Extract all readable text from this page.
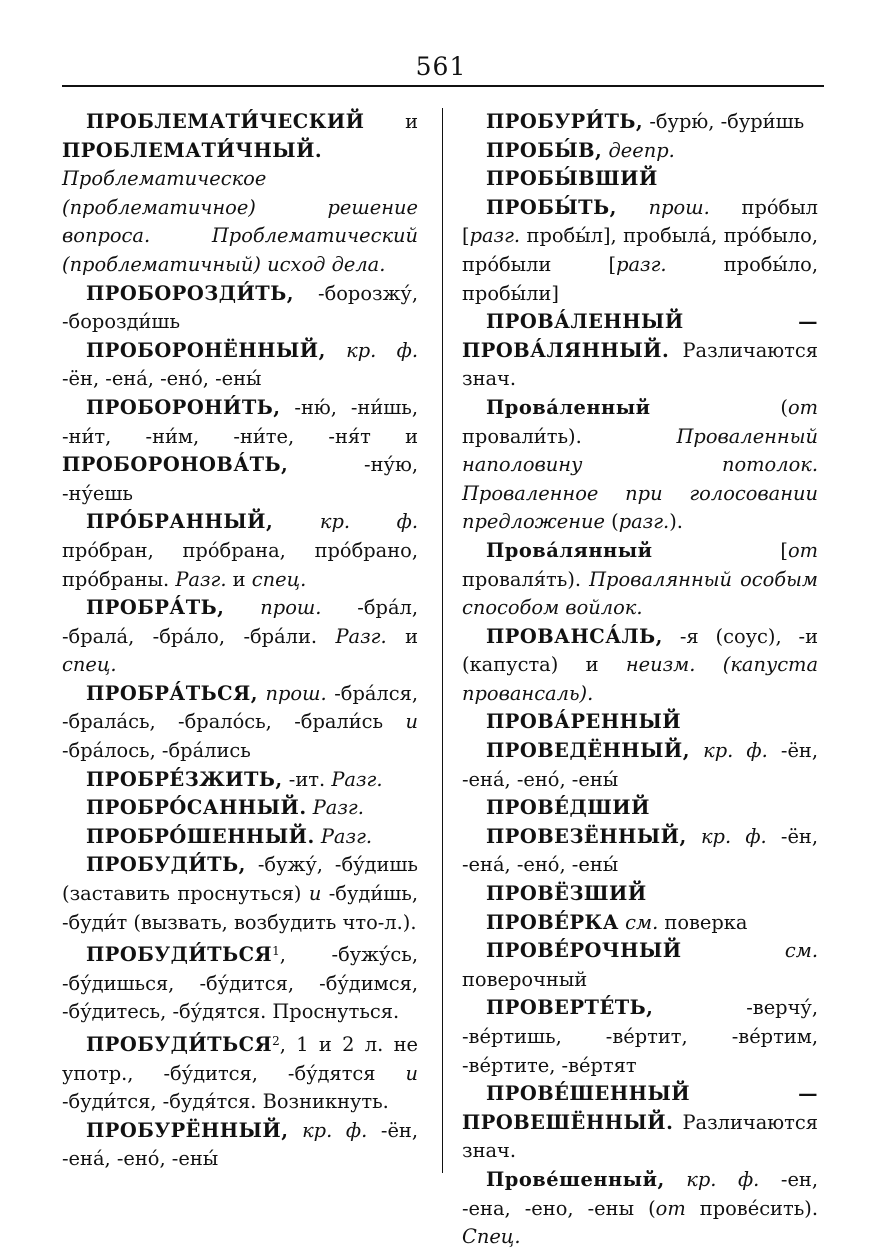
561

ПРОБЛЕМАТИ́ЧЕСКИЙ и ПРОБЛЕМАТИ́ЧНЫЙ. Проблематическое (проблематичное) решение вопроса. Проблематический (проблематичный) исход дела.

ПРОБОРОЗДИ́ТЬ, -борозжу́, -борозди́шь

ПРОБОРОНЁННЫЙ, кр. ф. -ён, -ена́, -ено́, -ены́

ПРОБОРОНИ́ТЬ, -ню́, -ни́шь, -ни́т, -ни́м, -ни́те, -ня́т и ПРОБОРОНОВА́ТЬ, -ну́ю, -ну́ешь

ПРО́БРАННЫЙ, кр. ф. про́бран, про́брана, про́брано, про́браны. Разг. и спец.

ПРОБРА́ТЬ, прош. -бра́л, -брала́, -бра́ло, -бра́ли. Разг. и спец.

ПРОБРА́ТЬСЯ, прош. -бра́лся, -брала́сь, -брало́сь, -брали́сь и -бра́лось, -бра́лись

ПРОБРЕ́ЗЖИТЬ, -ит. Разг.

ПРОБРО́САННЫЙ. Разг.

ПРОБРО́ШЕННЫЙ. Разг.

ПРОБУДИ́ТЬ, -бужу́, -бу́дишь (заставить проснуться) и -буди́шь, -буди́т (вызвать, возбудить что-л.).

ПРОБУДИ́ТЬСЯ$^1$, -бужу́сь, -бу́дишься, -бу́дится, -бу́димся, -бу́дитесь, -бу́дятся. Проснуться.

ПРОБУДИ́ТЬСЯ$^2$, 1 и 2 л. не употр., -бу́дится, -бу́дятся и -буди́тся, -будя́тся. Возникнуть.

ПРОБУРЁННЫЙ, кр. ф. -ён, -ена́, -ено́, -ены́

ПРОБУРИ́ТЬ, -бурю́, -бури́шь

ПРОБЫ́В, деепр.

ПРОБЫ́ВШИЙ

ПРОБЫ́ТЬ, прош. про́был [разг. пробы́л], пробыла́, про́было, про́были [разг. пробы́ло, пробы́ли]

ПРОВА́ЛЕННЫЙ — ПРОВА́ЛЯННЫЙ. Различаются знач.

Прова́ленный (от провали́ть). Проваленный наполовину потолок. Проваленное при голосовании предложение (разг.).

Прова́лянный [от проваля́ть). Провалянный особым способом войлок.

ПРОВАНСА́ЛЬ, -я (соус), -и (капуста) и неизм. (капуста провансаль).

ПРОВА́РЕННЫЙ

ПРОВЕДЁННЫЙ, кр. ф. -ён, -ена́, -ено́, -ены́

ПРОВЕ́ДШИЙ

ПРОВЕЗЁННЫЙ, кр. ф. -ён, -ена́, -ено́, -ены́

ПРОВЁЗШИЙ

ПРОВЕ́РКА см. поверка

ПРОВЕ́РОЧНЫЙ см. поверочный

ПРОВЕРТЕ́ТЬ, -верчу́, -ве́ртишь, -ве́ртит, -ве́ртим, -ве́ртите, -ве́ртят

ПРОВЕ́ШЕННЫЙ — ПРОВЕШЁННЫЙ. Различаются знач.

Прове́шенный, кр. ф. -ен, -ена, -ено, -ены (от прове́сить). Спец.
